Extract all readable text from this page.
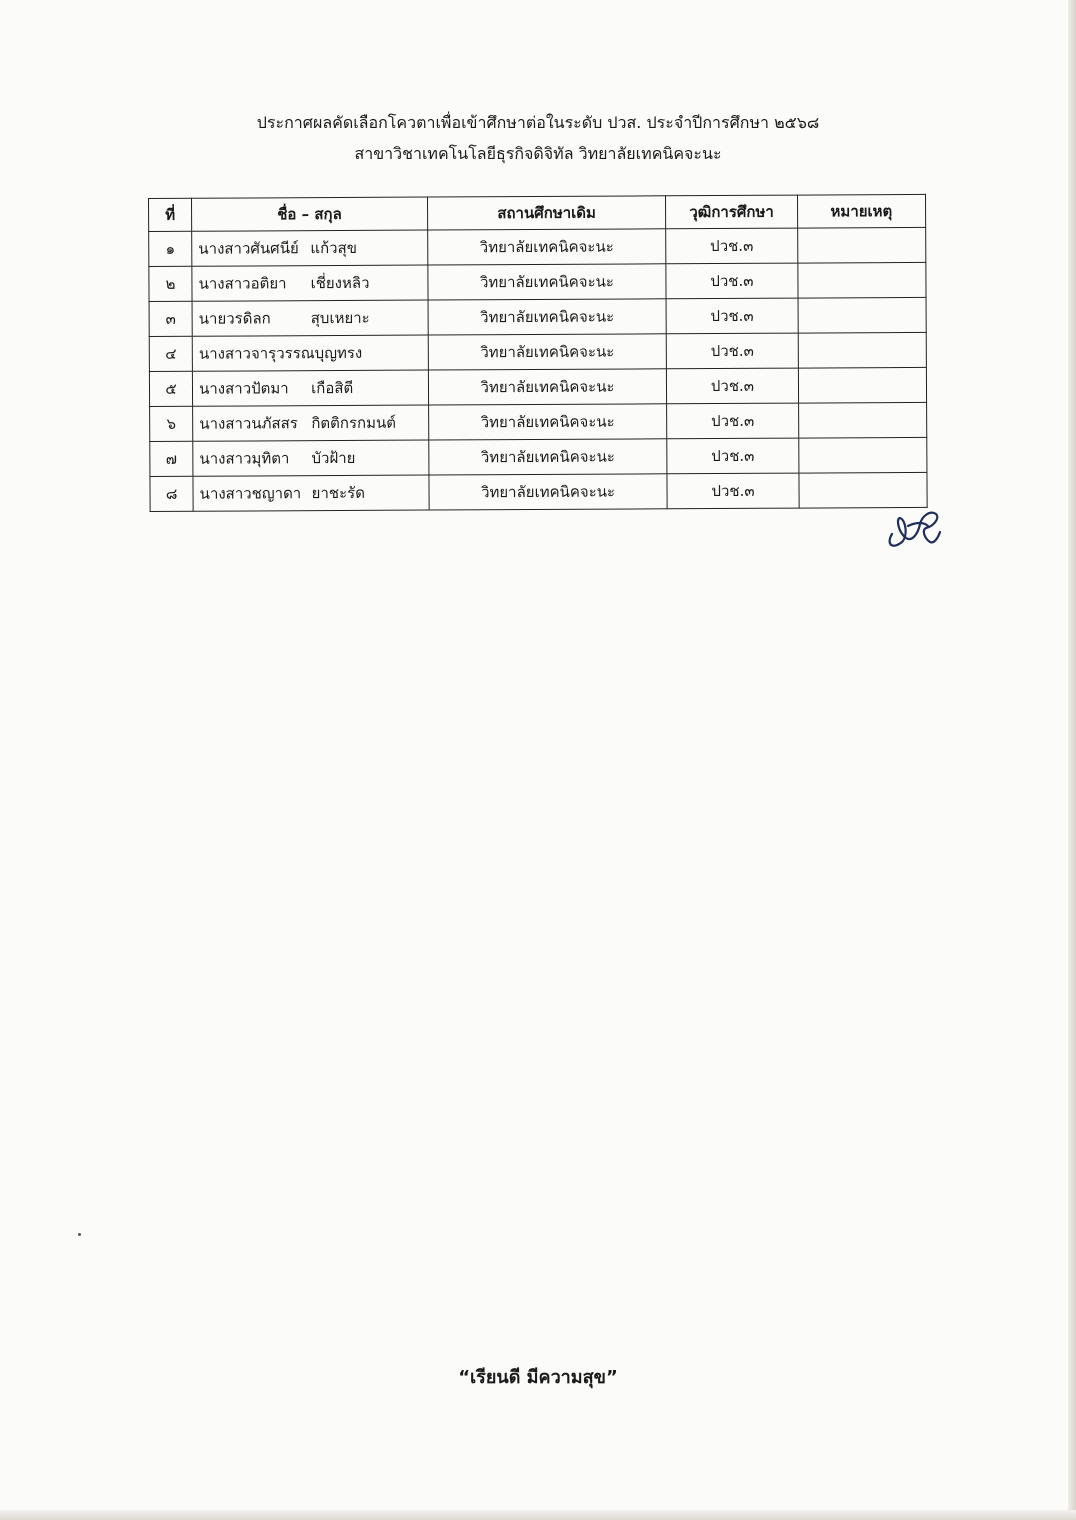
ประกาศผลคัดเลือกโควตาเพื่อเข้าศึกษาต่อในระดับ ปวส. ประจำปีการศึกษา ๒๕๖๘
สาขาวิชาเทคโนโลยีธุรกิจดิจิทัล วิทยาลัยเทคนิคจะนะ
ที่	ชื่อ – สกุล	สถานศึกษาเดิม	วุฒิการศึกษา	หมายเหตุ
๑	นางสาวศันศนีย์ แก้วสุข	วิทยาลัยเทคนิคจะนะ	ปวช.๓	
๒	นางสาวอติยา เชี่ยงหลิว	วิทยาลัยเทคนิคจะนะ	ปวช.๓	
๓	นายวรดิลก สุบเหยาะ	วิทยาลัยเทคนิคจะนะ	ปวช.๓	
๔	นางสาวจารุวรรณบุญทรง	วิทยาลัยเทคนิคจะนะ	ปวช.๓	
๕	นางสาวปัตมา เกือสิตี	วิทยาลัยเทคนิคจะนะ	ปวช.๓	
๖	นางสาวนภัสสร กิตติกรกมนต์	วิทยาลัยเทคนิคจะนะ	ปวช.๓	
๗	นางสาวมุทิตา บัวฝ้าย	วิทยาลัยเทคนิคจะนะ	ปวช.๓	
๘	นางสาวชญาดา ยาชะรัด	วิทยาลัยเทคนิคจะนะ	ปวช.๓	
“เรียนดี มีความสุข”
